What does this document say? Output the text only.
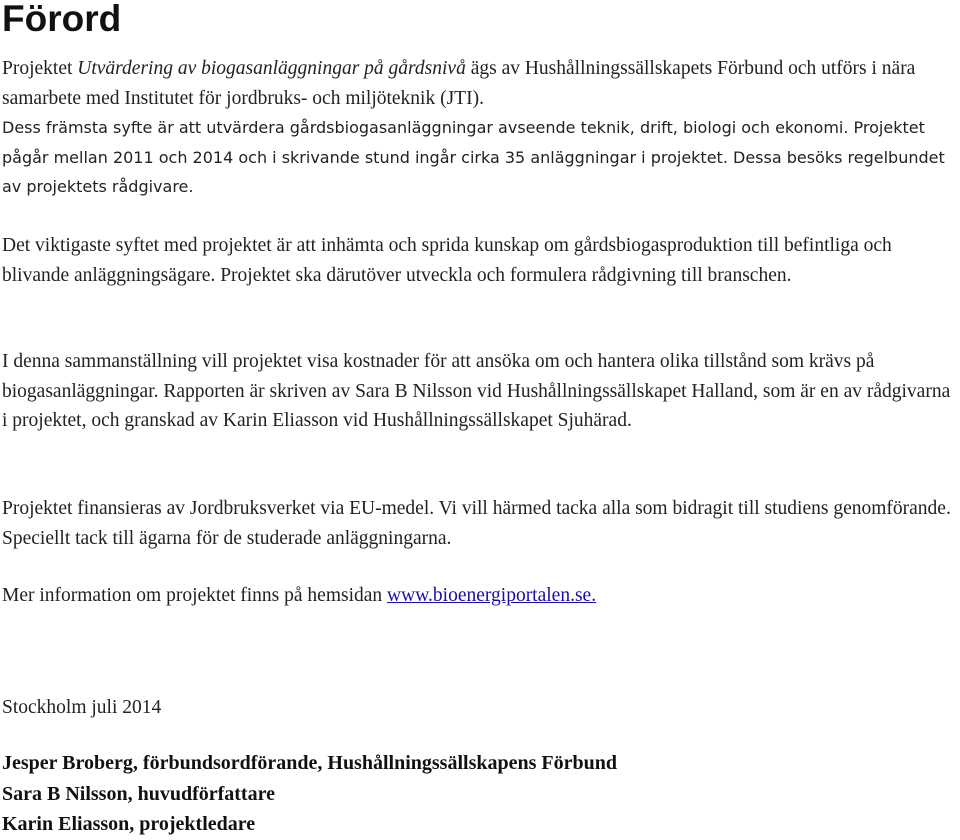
Förord

Projektet Utvärdering av biogasanläggningar på gårdsnivå ägs av Hushållningssällskapets Förbund och utförs i nära samarbete med Institutet för jordbruks- och miljöteknik (JTI).

Dess främsta syfte är att utvärdera gårdsbiogasanläggningar avseende teknik, drift, biologi och ekonomi. Projektet pågår mellan 2011 och 2014 och i skrivande stund ingår cirka 35 anläggningar i projektet. Dessa besöks regelbundet av projektets rådgivare.

Det viktigaste syftet med projektet är att inhämta och sprida kunskap om gårdsbiogasproduktion till befintliga och blivande anläggningsägare. Projektet ska därutöver utveckla och formulera rådgivning till branschen.

I denna sammanställning vill projektet visa kostnader för att ansöka om och hantera olika tillstånd som krävs på biogasanläggningar. Rapporten är skriven av Sara B Nilsson vid Hushållningssällskapet Halland, som är en av rådgivarna i projektet, och granskad av Karin Eliasson vid Hushållningssällskapet Sjuhärad.

Projektet finansieras av Jordbruksverket via EU-medel. Vi vill härmed tacka alla som bidragit till studiens genomförande. Speciellt tack till ägarna för de studerade anläggningarna.

Mer information om projektet finns på hemsidan www.bioenergiportalen.se.

Stockholm juli 2014

Jesper Broberg, förbundsordförande, Hushållningssällskapens Förbund

Sara B Nilsson, huvudförfattare

Karin Eliasson, projektledare
